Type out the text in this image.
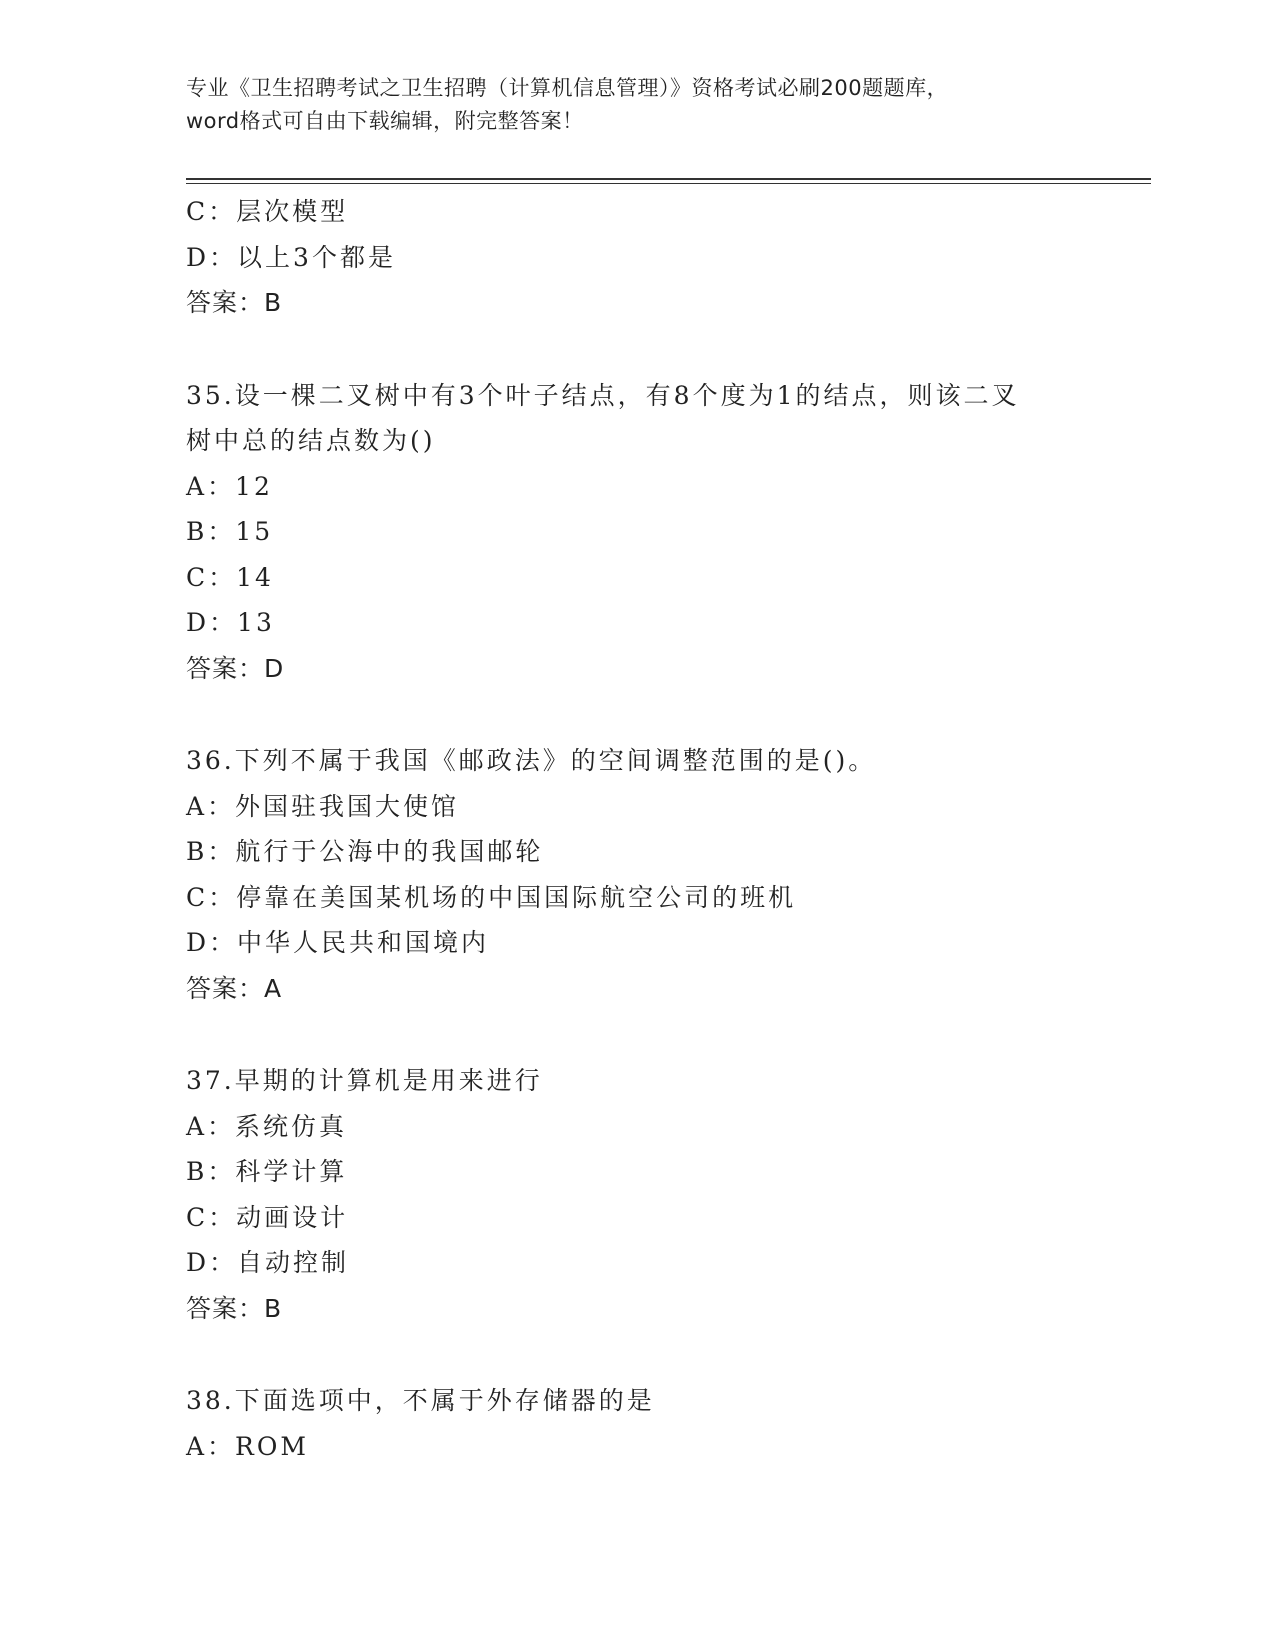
专业《卫生招聘考试之卫生招聘（计算机信息管理）》资格考试必刷200题题库，
word格式可自由下载编辑，附完整答案！
C：层次模型
D：以上3个都是
答案：B
35.设一棵二叉树中有3个叶子结点，有8个度为1的结点，则该二叉
树中总的结点数为()
A：12
B：15
C：14
D：13
答案：D
36.下列不属于我国《邮政法》的空间调整范围的是()。
A：外国驻我国大使馆
B：航行于公海中的我国邮轮
C：停靠在美国某机场的中国国际航空公司的班机
D：中华人民共和国境内
答案：A
37.早期的计算机是用来进行
A：系统仿真
B：科学计算
C：动画设计
D：自动控制
答案：B
38.下面选项中，不属于外存储器的是
A：ROM
